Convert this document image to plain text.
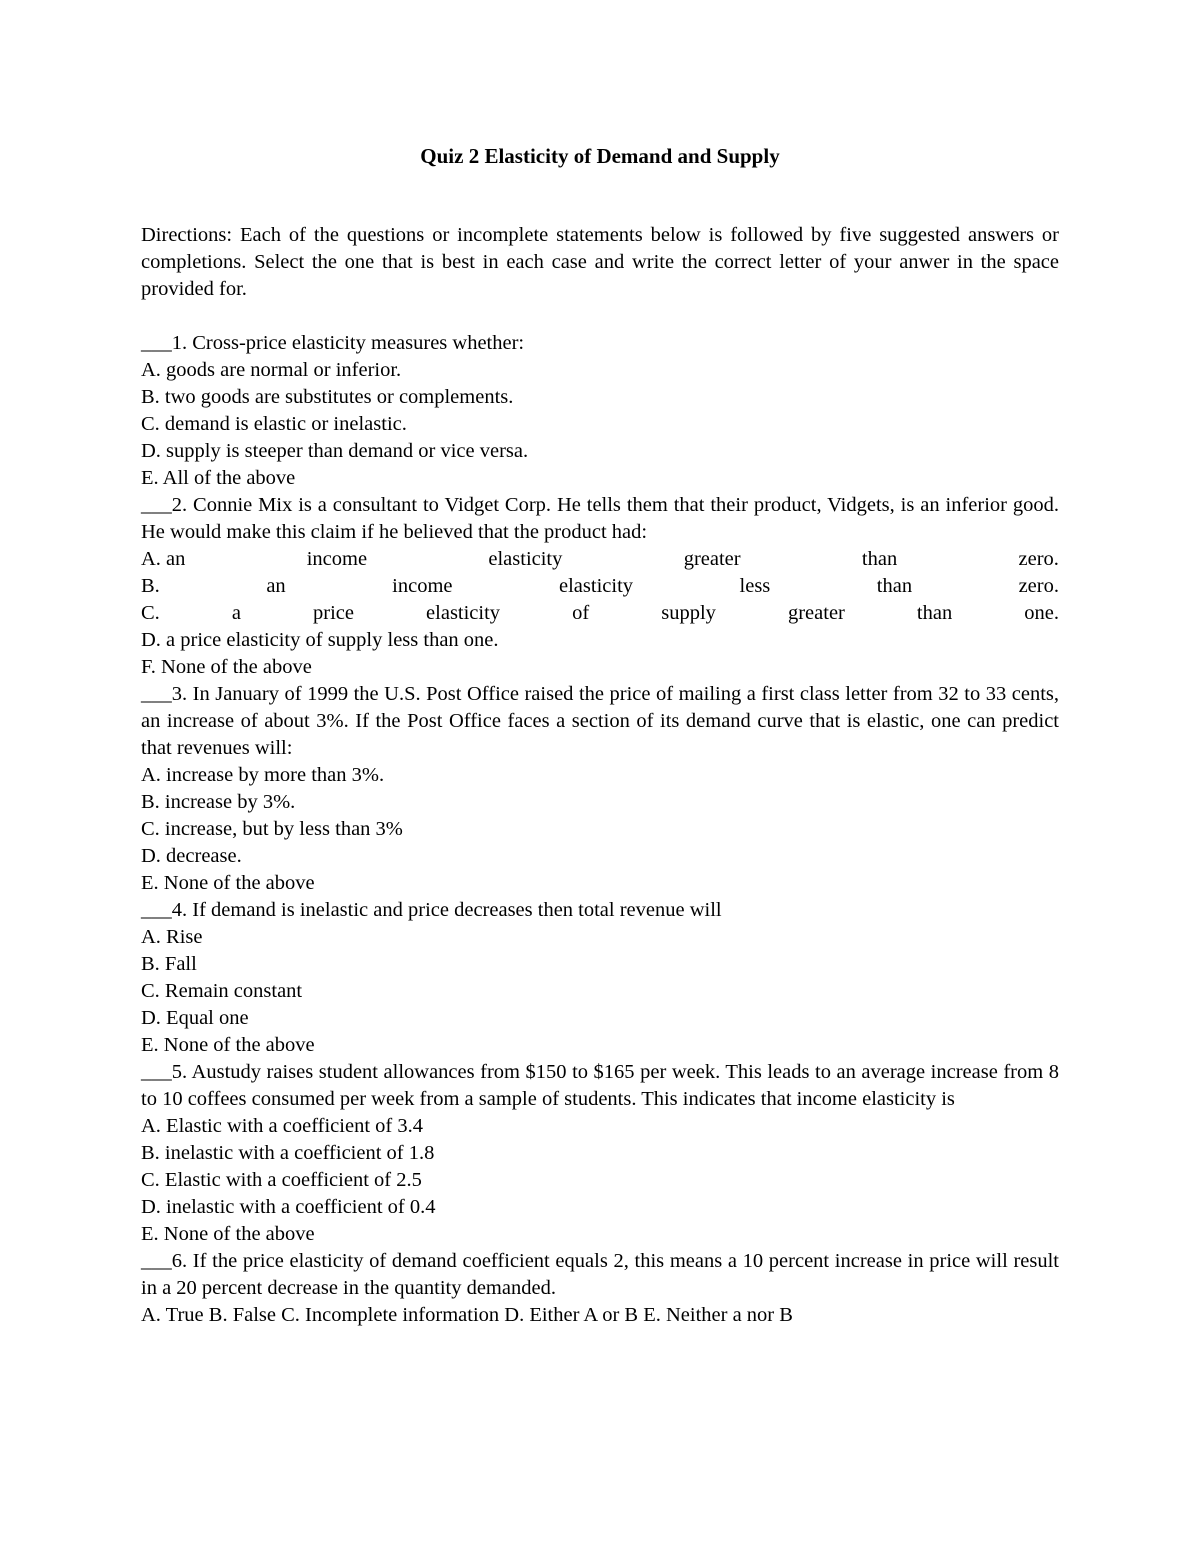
Quiz 2 Elasticity of Demand and Supply
Directions: Each of the questions or incomplete statements below is followed by five suggested answers or completions. Select the one that is best in each case and write the correct letter of your anwer in the space provided for.
___1. Cross-price elasticity measures whether:
A. goods are normal or inferior.
B. two goods are substitutes or complements.
C. demand is elastic or inelastic.
D. supply is steeper than demand or vice versa.
E. All of the above
___2. Connie Mix is a consultant to Vidget Corp. He tells them that their product, Vidgets, is an inferior good. He would make this claim if he believed that the product had:
A. an	income	elasticity	greater	than	zero.
B.	an	income	elasticity	less	than	zero.
C.	a	price	elasticity	of	supply	greater	than	one.
D. a price elasticity of supply less than one.
F. None of the above
___3. In January of 1999 the U.S. Post Office raised the price of mailing a first class letter from 32 to 33 cents, an increase of about 3%. If the Post Office faces a section of its demand curve that is elastic, one can predict that revenues will:
A. increase by more than 3%.
B. increase by 3%.
C. increase, but by less than 3%
D. decrease.
E. None of the above
___4. If demand is inelastic and price decreases then total revenue will
A. Rise
B. Fall
C. Remain constant
D. Equal one
E. None of the above
___5. Austudy raises student allowances from $150 to $165 per week. This leads to an average increase from 8 to 10 coffees consumed per week from a sample of students. This indicates that income elasticity is
A. Elastic with a coefficient of 3.4
B. inelastic with a coefficient of 1.8
C. Elastic with a coefficient of 2.5
D. inelastic with a coefficient of 0.4
E. None of the above
___6. If the price elasticity of demand coefficient equals 2, this means a 10 percent increase in price will result in a 20 percent decrease in the quantity demanded.
A. True B. False C. Incomplete information D. Either A or B E. Neither a nor B
